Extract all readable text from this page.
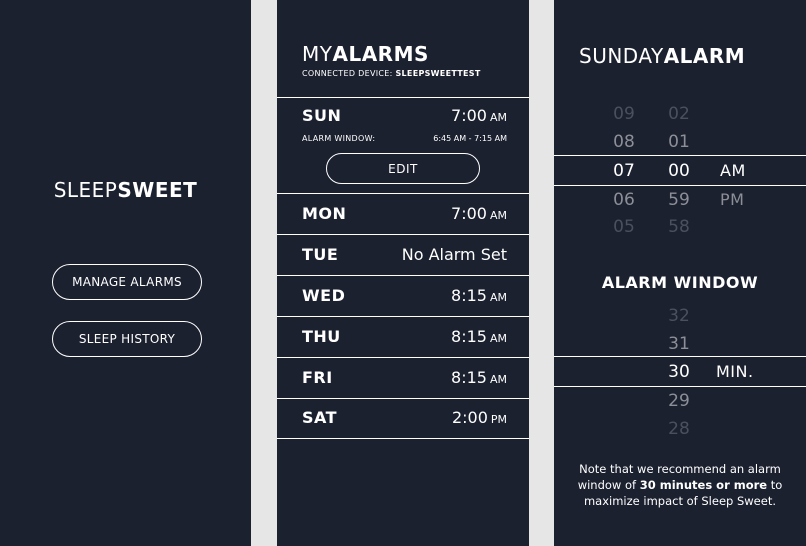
SLEEPSWEET
MANAGE ALARMS
SLEEP HISTORY
MYALARMS
CONNECTED DEVICE: SLEEPSWEETTEST
SUN	7:00 AM
ALARM WINDOW:	6:45 AM - 7:15 AM
EDIT
MON	7:00 AM
TUE	No Alarm Set
WED	8:15 AM
THU	8:15 AM
FRI	8:15 AM
SAT	2:00 PM
SUNDAYALARM
09
08
07
06
05
02
01
00
59
58
AM
PM
ALARM WINDOW
32
31
30
29
28
MIN.
Note that we recommend an alarm window of 30 minutes or more to maximize impact of Sleep Sweet.
